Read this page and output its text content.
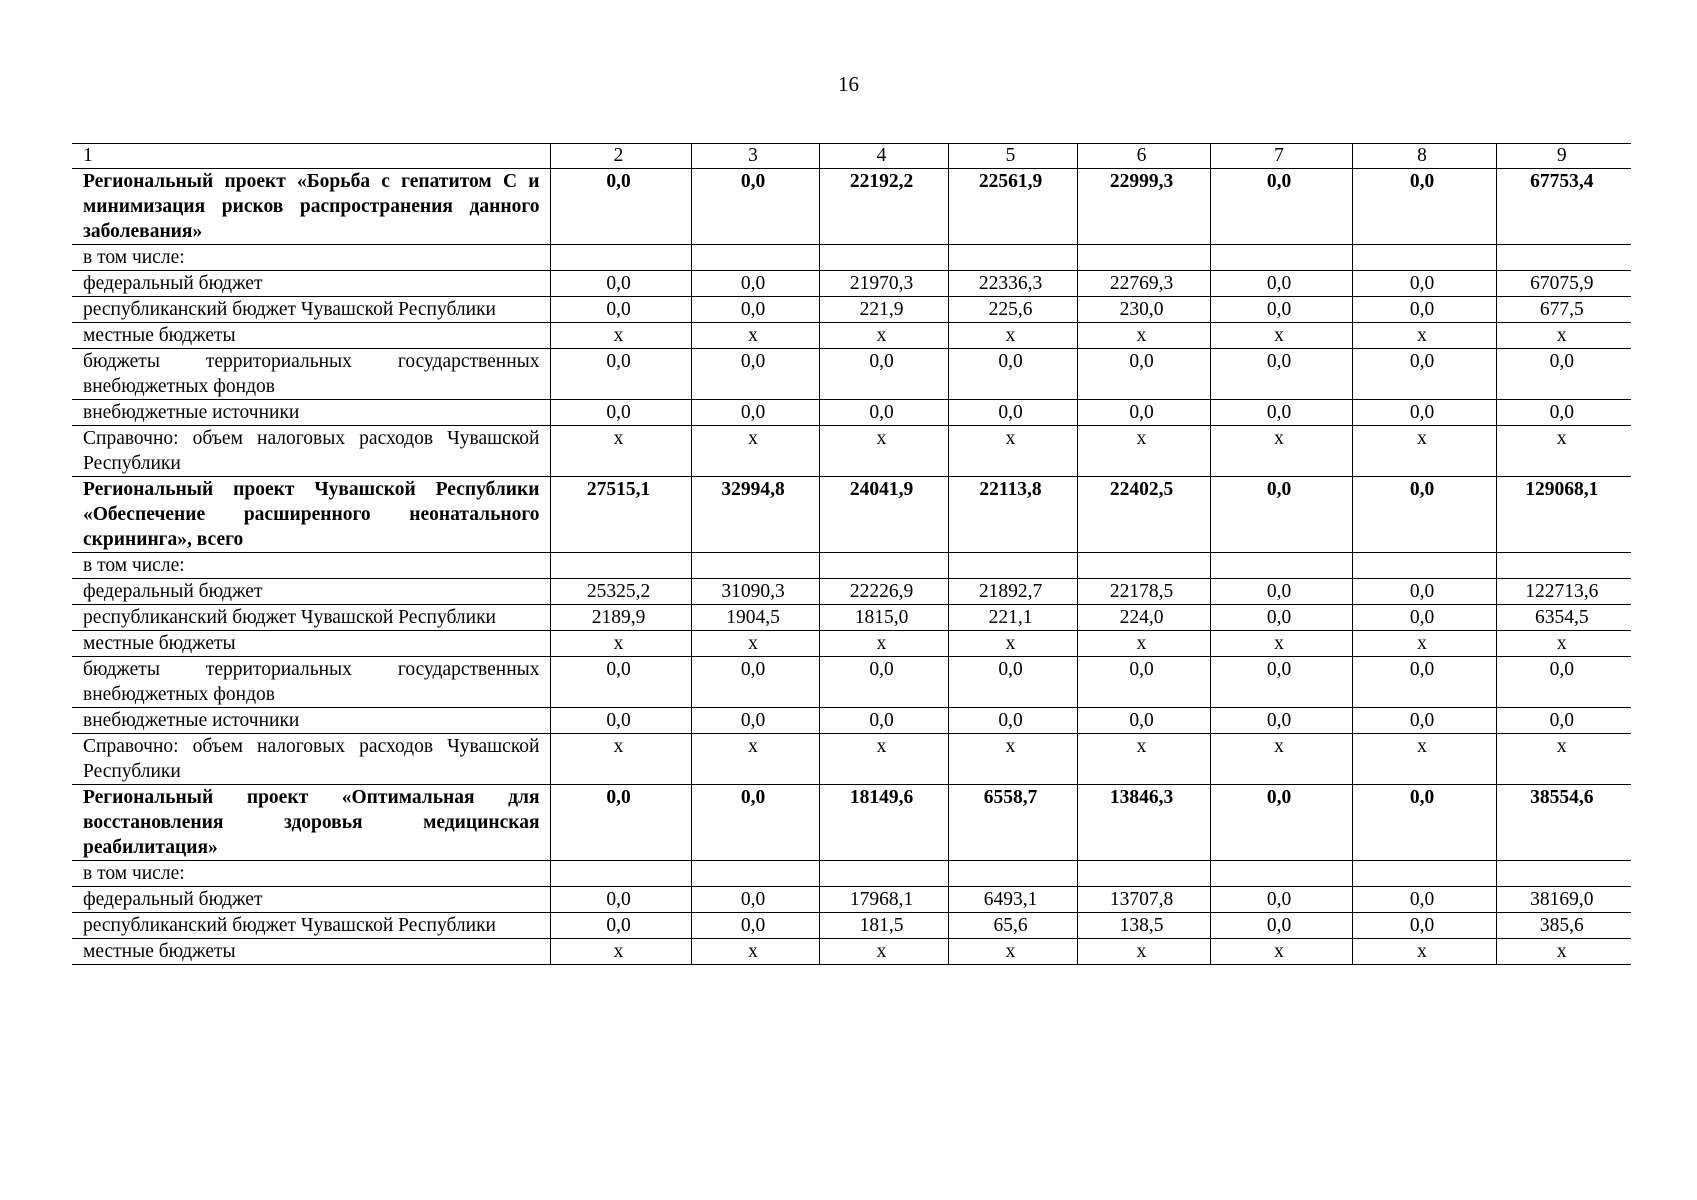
16
1	2	3	4	5	6	7	8	9
Региональный проект «Борьба с гепатитом С и минимизация рисков распространения данного заболевания»	0,0	0,0	22192,2	22561,9	22999,3	0,0	0,0	67753,4
в том числе:								
федеральный бюджет	0,0	0,0	21970,3	22336,3	22769,3	0,0	0,0	67075,9
республиканский бюджет Чувашской Республики	0,0	0,0	221,9	225,6	230,0	0,0	0,0	677,5
местные бюджеты	х	х	х	х	х	х	х	х
бюджеты территориальных государственных внебюджетных фондов	0,0	0,0	0,0	0,0	0,0	0,0	0,0	0,0
внебюджетные источники	0,0	0,0	0,0	0,0	0,0	0,0	0,0	0,0
Справочно: объем налоговых расходов Чувашской Республики	х	х	х	х	х	х	х	х
Региональный проект Чувашской Республики «Обеспечение расширенного неонатального скрининга», всего	27515,1	32994,8	24041,9	22113,8	22402,5	0,0	0,0	129068,1
в том числе:								
федеральный бюджет	25325,2	31090,3	22226,9	21892,7	22178,5	0,0	0,0	122713,6
республиканский бюджет Чувашской Республики	2189,9	1904,5	1815,0	221,1	224,0	0,0	0,0	6354,5
местные бюджеты	х	х	х	х	х	х	х	х
бюджеты территориальных государственных внебюджетных фондов	0,0	0,0	0,0	0,0	0,0	0,0	0,0	0,0
внебюджетные источники	0,0	0,0	0,0	0,0	0,0	0,0	0,0	0,0
Справочно: объем налоговых расходов Чувашской Республики	х	х	х	х	х	х	х	х
Региональный проект «Оптимальная для восстановления здоровья медицинская реабилитация»	0,0	0,0	18149,6	6558,7	13846,3	0,0	0,0	38554,6
в том числе:								
федеральный бюджет	0,0	0,0	17968,1	6493,1	13707,8	0,0	0,0	38169,0
республиканский бюджет Чувашской Республики	0,0	0,0	181,5	65,6	138,5	0,0	0,0	385,6
местные бюджеты	х	х	х	х	х	х	х	х
